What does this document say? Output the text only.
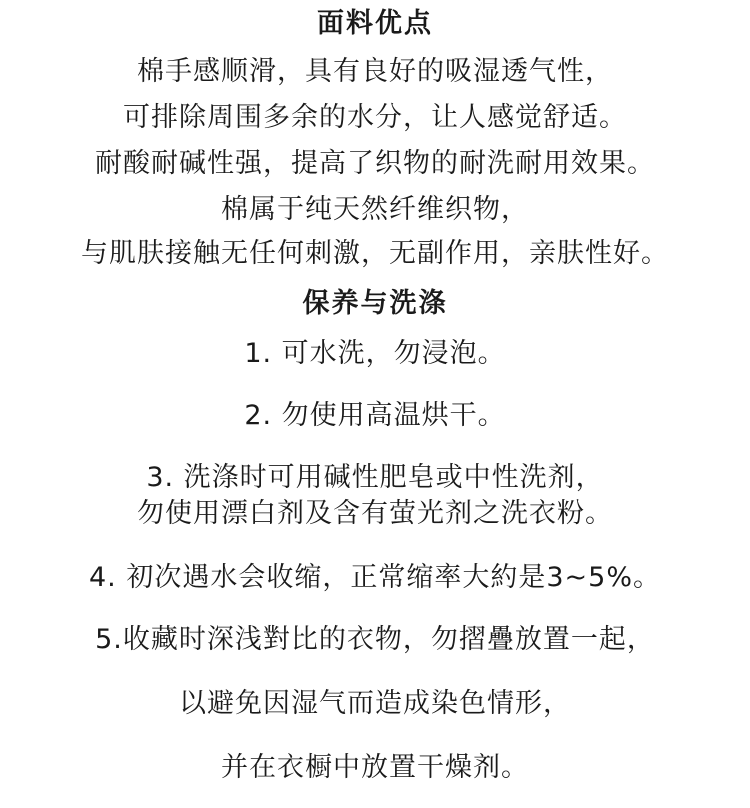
面料优点
棉手感顺滑，具有良好的吸湿透气性，
可排除周围多余的水分，让人感觉舒适。
耐酸耐碱性强，提高了织物的耐洗耐用效果。
棉属于纯天然纤维织物，
与肌肤接触无任何刺激，无副作用，亲肤性好。
保养与洗涤
1. 可水洗，勿浸泡。
2. 勿使用高温烘干。
3. 洗涤时可用碱性肥皂或中性洗剂，
勿使用漂白剂及含有萤光剂之洗衣粉。
4. 初次遇水会收缩，正常缩率大約是3~5%。
5.收藏时深浅對比的衣物，勿摺疊放置一起，
以避免因湿气而造成染色情形，
并在衣橱中放置干燥剂。
